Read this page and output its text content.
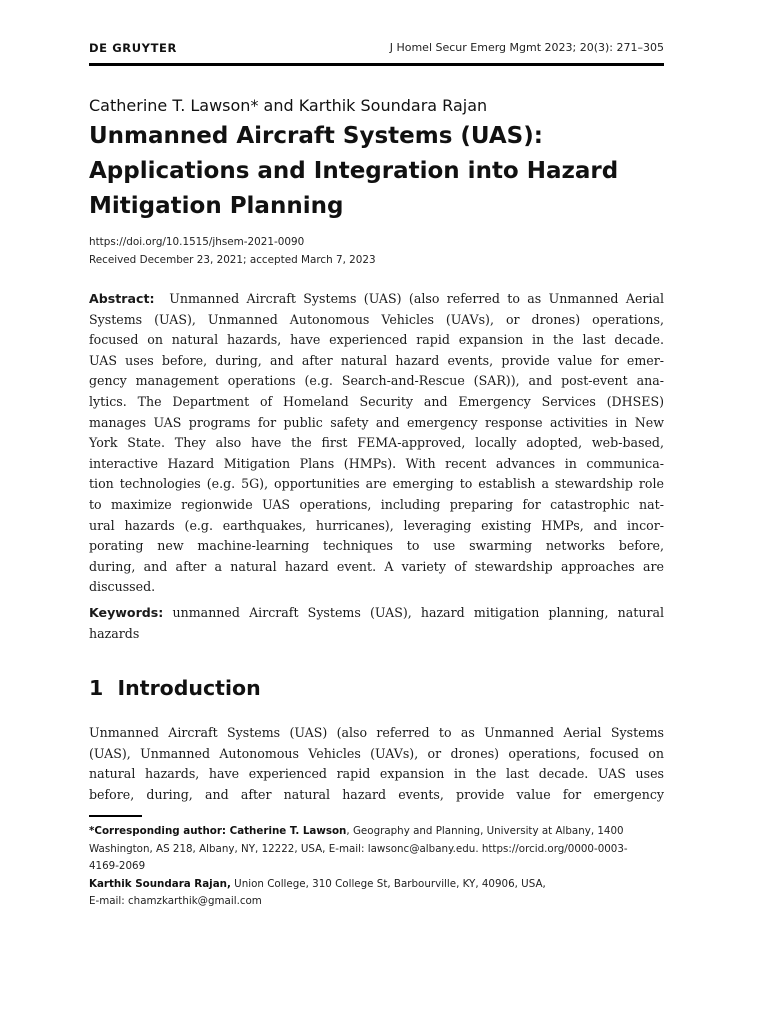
DE GRUYTER	J Homel Secur Emerg Mgmt 2023; 20(3): 271–305
Catherine T. Lawson* and Karthik Soundara Rajan
Unmanned Aircraft Systems (UAS):
Applications and Integration into Hazard
Mitigation Planning
https://doi.org/10.1515/jhsem-2021-0090
Received December 23, 2021; accepted March 7, 2023
Abstract: Unmanned Aircraft Systems (UAS) (also referred to as Unmanned Aerial
Systems (UAS), Unmanned Autonomous Vehicles (UAVs), or drones) operations,
focused on natural hazards, have experienced rapid expansion in the last decade.
UAS uses before, during, and after natural hazard events, provide value for emer-
gency management operations (e.g. Search-and-Rescue (SAR)), and post-event ana-
lytics. The Department of Homeland Security and Emergency Services (DHSES)
manages UAS programs for public safety and emergency response activities in New
York State. They also have the first FEMA-approved, locally adopted, web-based,
interactive Hazard Mitigation Plans (HMPs). With recent advances in communica-
tion technologies (e.g. 5G), opportunities are emerging to establish a stewardship role
to maximize regionwide UAS operations, including preparing for catastrophic nat-
ural hazards (e.g. earthquakes, hurricanes), leveraging existing HMPs, and incor-
porating new machine-learning techniques to use swarming networks before,
during, and after a natural hazard event. A variety of stewardship approaches are
discussed.
Keywords: unmanned Aircraft Systems (UAS), hazard mitigation planning, natural
hazards
1 Introduction
Unmanned Aircraft Systems (UAS) (also referred to as Unmanned Aerial Systems
(UAS), Unmanned Autonomous Vehicles (UAVs), or drones) operations, focused on
natural hazards, have experienced rapid expansion in the last decade. UAS uses
before, during, and after natural hazard events, provide value for emergency
*Corresponding author: Catherine T. Lawson, Geography and Planning, University at Albany, 1400
Washington, AS 218, Albany, NY, 12222, USA, E-mail: lawsonc@albany.edu. https://orcid.org/0000-0003-
4169-2069
Karthik Soundara Rajan, Union College, 310 College St, Barbourville, KY, 40906, USA,
E-mail: chamzkarthik@gmail.com
